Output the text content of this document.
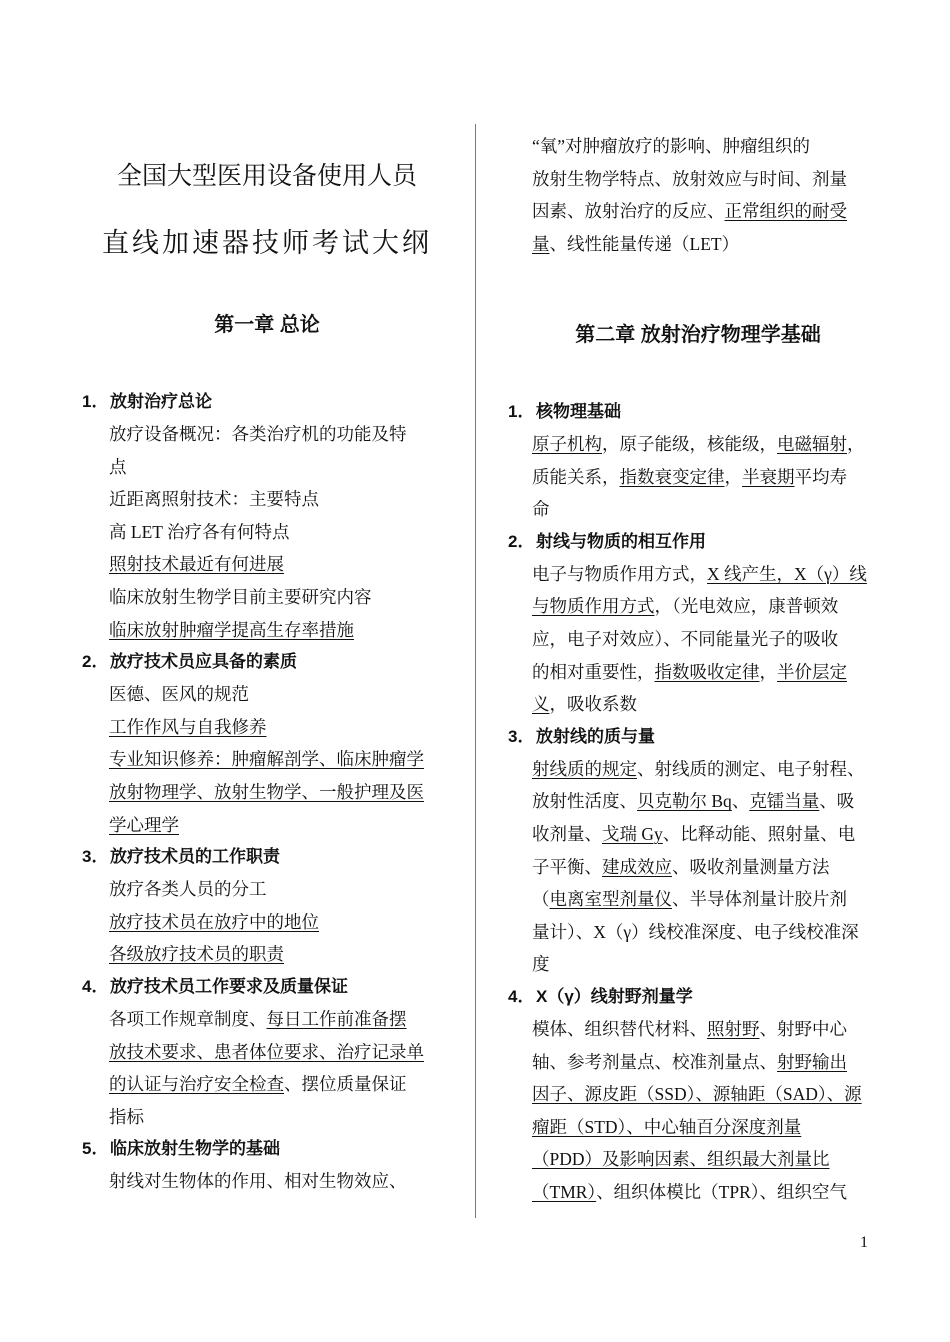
全国大型医用设备使用人员
直线加速器技师考试大纲
第一章 总论
1．放射治疗总论
放疗设备概况：各类治疗机的功能及特
点
近距离照射技术：主要特点
高 LET 治疗各有何特点
照射技术最近有何进展
临床放射生物学目前主要研究内容
临床放射肿瘤学提高生存率措施
2．放疗技术员应具备的素质
医德、医风的规范
工作作风与自我修养
专业知识修养：肿瘤解剖学、临床肿瘤学
放射物理学、放射生物学、一般护理及医
学心理学
3．放疗技术员的工作职责
放疗各类人员的分工
放疗技术员在放疗中的地位
各级放疗技术员的职责
4．放疗技术员工作要求及质量保证
各项工作规章制度、每日工作前准备摆
放技术要求、患者体位要求、治疗记录单
的认证与治疗安全检查、摆位质量保证
指标
5．临床放射生物学的基础
射线对生物体的作用、相对生物效应、
“氧”对肿瘤放疗的影响、肿瘤组织的
放射生物学特点、放射效应与时间、剂量
因素、放射治疗的反应、正常组织的耐受
量、线性能量传递（LET）
第二章 放射治疗物理学基础
1．核物理基础
原子机构，原子能级，核能级，电磁辐射，
质能关系，指数衰变定律，半衰期平均寿
命
2．射线与物质的相互作用
电子与物质作用方式，X 线产生，X（γ）线
与物质作用方式，（光电效应，康普顿效
应，电子对效应）、不同能量光子的吸收
的相对重要性，指数吸收定律，半价层定
义，吸收系数
3．放射线的质与量
射线质的规定、射线质的测定、电子射程、
放射性活度、贝克勒尔 Bq、克镭当量、吸
收剂量、戈瑞 Gy、比释动能、照射量、电
子平衡、建成效应、吸收剂量测量方法
（电离室型剂量仪、半导体剂量计胶片剂
量计）、X（γ）线校准深度、电子线校准深
度
4．X（γ）线射野剂量学
模体、组织替代材料、照射野、射野中心
轴、参考剂量点、校准剂量点、射野输出
因子、源皮距（SSD）、源轴距（SAD）、源
瘤距（STD）、中心轴百分深度剂量
（PDD）及影响因素、组织最大剂量比
（TMR）、组织体模比（TPR）、组织空气
1
